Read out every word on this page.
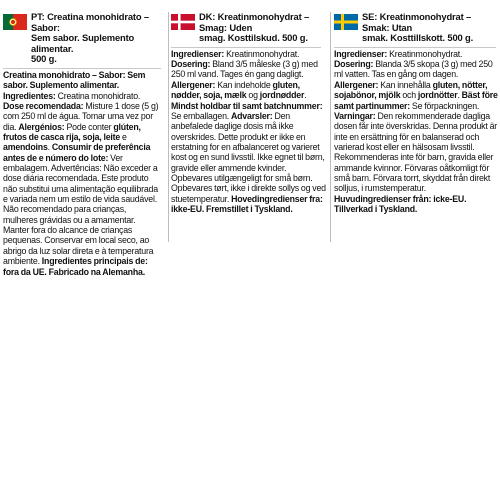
PT: Creatina monohidrato – Sabor:
Sem sabor. Suplemento alimentar.
500 g.
Creatina monohidrato – Sabor: Sem sabor. Suplemento alimentar. Ingredientes: Creatina monohidrato. Dose recomendada: Misture 1 dose (5 g) com 250 ml de água. Tomar uma vez por dia. Alergénios: Pode conter glúten, frutos de casca rija, soja, leite e amendoins. Consumir de preferência antes de e número do lote: Ver embalagem. Advertências: Não exceder a dose diária recomendada. Este produto não substitui uma alimentação equilibrada e variada nem um estilo de vida saudável. Não recomendado para crianças, mulheres grávidas ou a amamentar. Manter fora do alcance de crianças pequenas. Conservar em local seco, ao abrigo da luz solar direta e à temperatura ambiente. Ingredientes principais de: fora da UE. Fabricado na Alemanha.
DK: Kreatinmonohydrat – Smag: Uden
smag. Kosttilskud. 500 g.
Ingredienser: Kreatinmonohydrat. Dosering: Bland 3/5 måleske (3 g) med 250 ml vand. Tages én gang dagligt. Allergener: Kan indeholde gluten, nødder, soja, mælk og jordnødder. Mindst holdbar til samt batchnummer: Se emballagen. Advarsler: Den anbefalede daglige dosis må ikke overskrides. Dette produkt er ikke en erstatning for en afbalanceret og varieret kost og en sund livsstil. Ikke egnet til børn, gravide eller ammende kvinder. Opbevares utilgængeligt for små børn. Opbevares tørt, ikke i direkte sollys og ved stuetemperatur. Hovedingredienser fra: ikke-EU. Fremstillet i Tyskland.
SE: Kreatinmonohydrat – Smak: Utan
smak. Kosttillskott. 500 g.
Ingredienser: Kreatinmonohydrat. Dosering: Blanda 3/5 skopa (3 g) med 250 ml vatten. Tas en gång om dagen. Allergener: Kan innehålla gluten, nötter, sojabönor, mjölk och jordnötter. Bäst före samt partinummer: Se förpackningen. Varningar: Den rekommenderade dagliga dosen får inte överskridas. Denna produkt är inte en ersättning för en balanserad och varierad kost eller en hälsosam livsstil. Rekommenderas inte för barn, gravida eller ammande kvinnor. Förvaras oåtkomligt för små barn. Förvara torrt, skyddat från direkt solljus, i rumstemperatur. Huvudingredienser från: icke-EU. Tillverkad i Tyskland.
